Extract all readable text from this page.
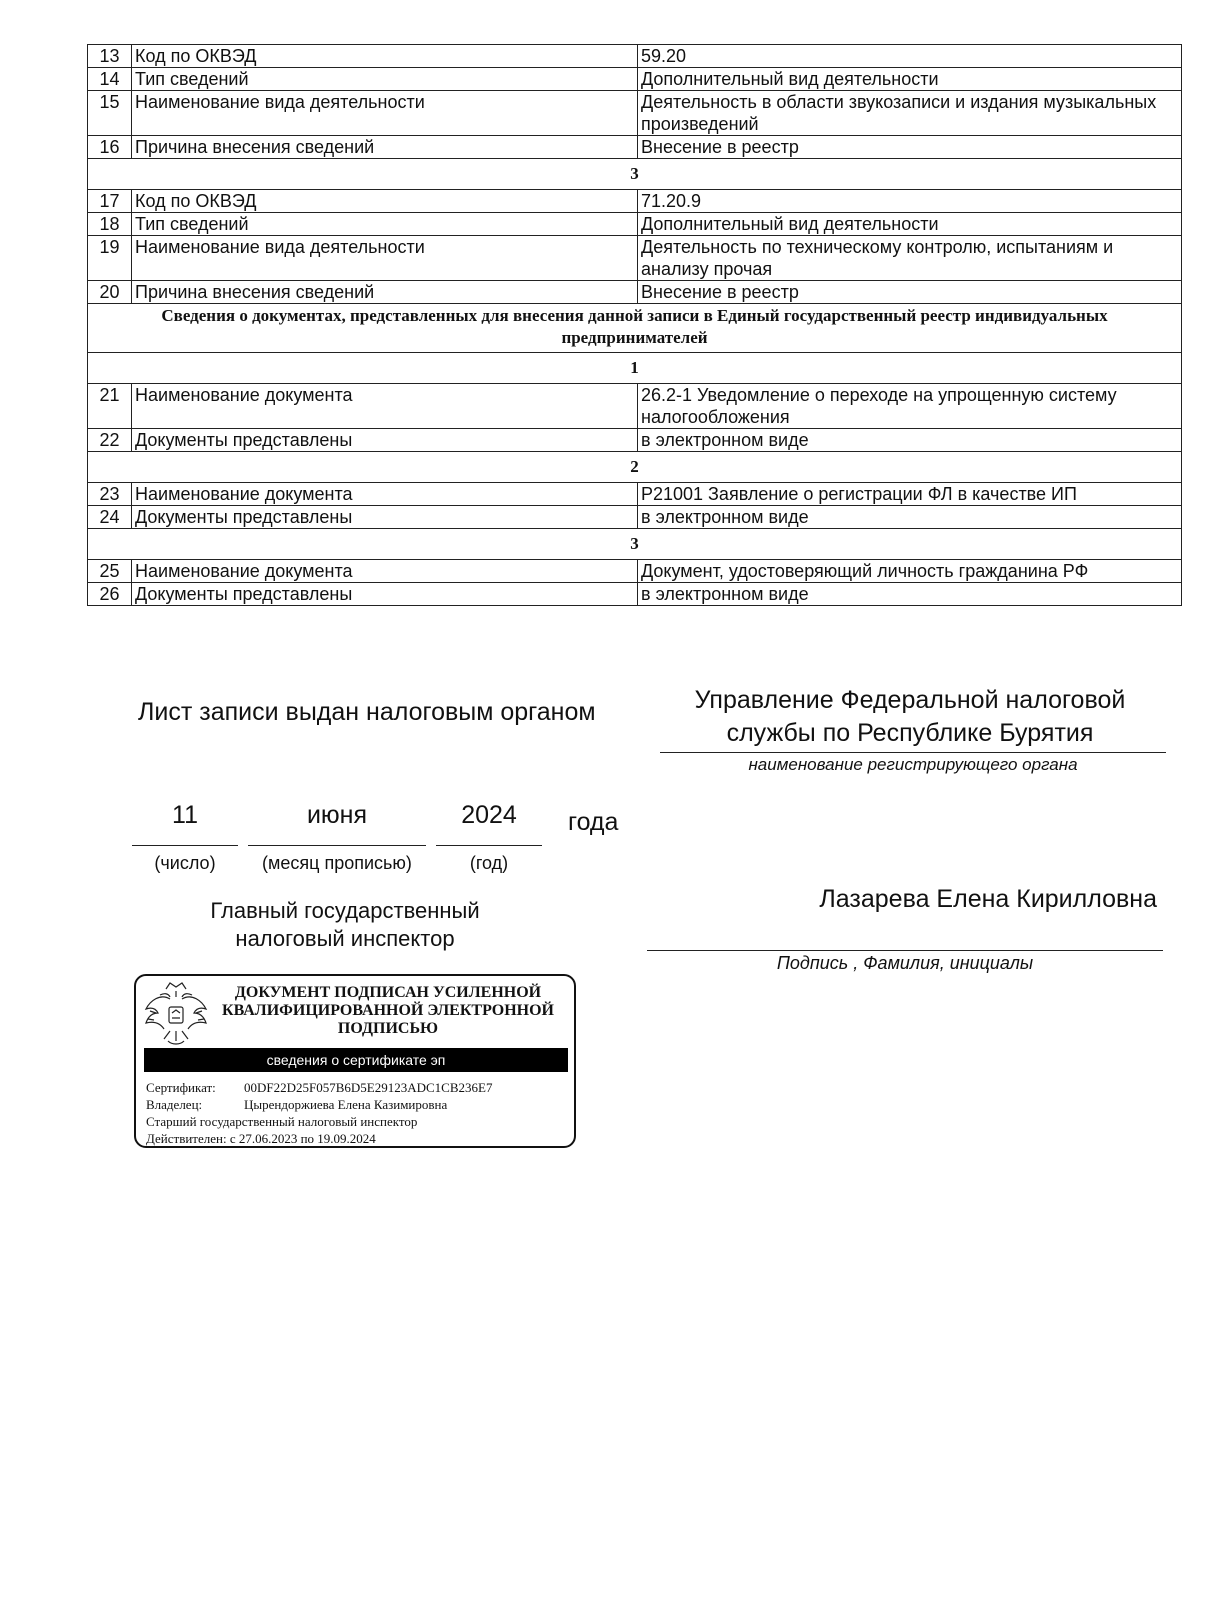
13	Код по ОКВЭД	59.20
14	Тип сведений	Дополнительный вид деятельности
15	Наименование вида деятельности	Деятельность в области звукозаписи и издания музыкальных произведений
16	Причина внесения сведений	Внесение в реестр
3		
17	Код по ОКВЭД	71.20.9
18	Тип сведений	Дополнительный вид деятельности
19	Наименование вида деятельности	Деятельность по техническому контролю, испытаниям и анализу прочая
20	Причина внесения сведений	Внесение в реестр
Сведения о документах, представленных для внесения данной записи в Единый государственный реестр индивидуальных предпринимателей		
1		
21	Наименование документа	26.2-1 Уведомление о переходе на упрощенную систему налогообложения
22	Документы представлены	в электронном виде
2		
23	Наименование документа	Р21001 Заявление о регистрации ФЛ в качестве ИП
24	Документы представлены	в электронном виде
3		
25	Наименование документа	Документ, удостоверяющий личность гражданина РФ
26	Документы представлены	в электронном виде
Лист записи выдан налоговым органом	Управление Федеральной налоговой службы по Республике Бурятия
наименование регистрирующего органа
11	июня	2024	года
(число)	(месяц прописью)	(год)
Главный государственный налоговый инспектор
Лазарева Елена Кирилловна
Подпись , Фамилия, инициалы
ДОКУМЕНТ ПОДПИСАН УСИЛЕННОЙ КВАЛИФИЦИРОВАННОЙ ЭЛЕКТРОННОЙ ПОДПИСЬЮ
сведения о сертификате эп
Сертификат: 00DF22D25F057B6D5E29123ADC1CB236E7
Владелец:	Цырендоржиева Елена Казимировна
Старший государственный налоговый инспектор
Действителен: с 27.06.2023 по 19.09.2024
